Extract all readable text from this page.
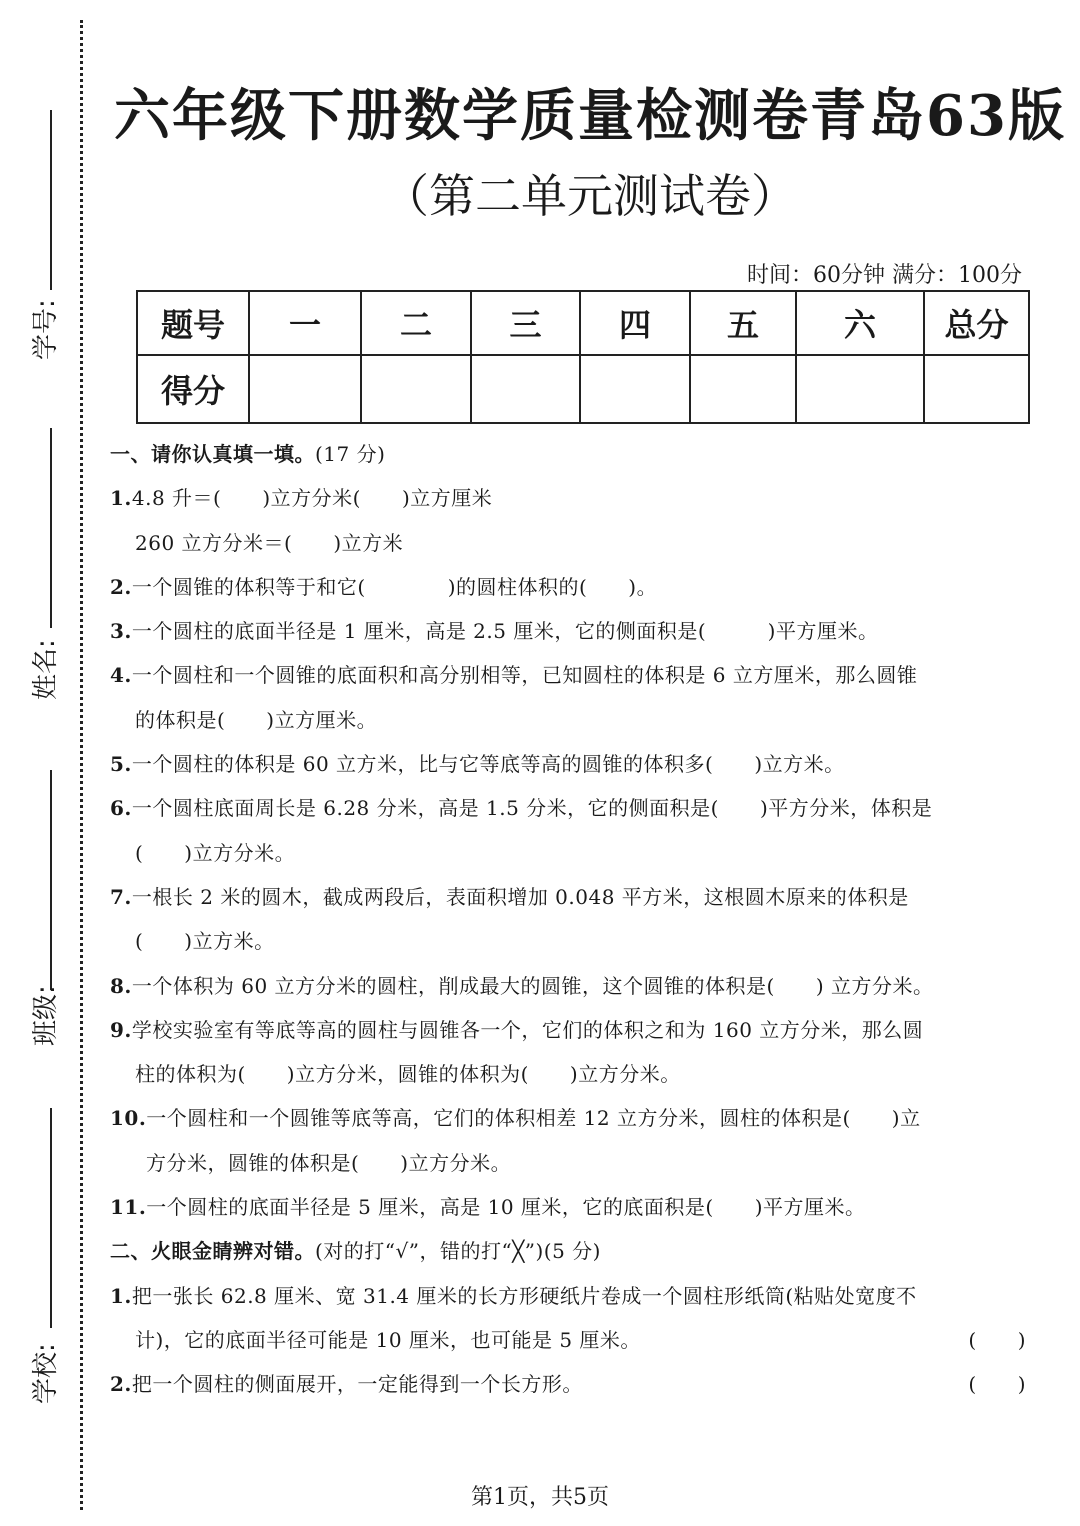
学号:
姓名:
班级:
学校:
六年级下册数学质量检测卷青岛63版
（第二单元测试卷）
时间：60分钟 满分：100分
题号	一	二	三	四	五	六	总分
得分							
一、请你认真填一填。(17 分)
1.4.8 升＝(　　)立方分米(　　)立方厘米
260 立方分米＝(　　)立方米
2.一个圆锥的体积等于和它(　　　　)的圆柱体积的(　　)。
3.一个圆柱的底面半径是 1 厘米，高是 2.5 厘米，它的侧面积是(　　　)平方厘米。
4.一个圆柱和一个圆锥的底面积和高分别相等，已知圆柱的体积是 6 立方厘米，那么圆锥
的体积是(　　)立方厘米。
5.一个圆柱的体积是 60 立方米，比与它等底等高的圆锥的体积多(　　)立方米。
6.一个圆柱底面周长是 6.28 分米，高是 1.5 分米，它的侧面积是(　　)平方分米，体积是
(　　)立方分米。
7.一根长 2 米的圆木，截成两段后，表面积增加 0.048 平方米，这根圆木原来的体积是
(　　)立方米。
8.一个体积为 60 立方分米的圆柱，削成最大的圆锥，这个圆锥的体积是(　　) 立方分米。
9.学校实验室有等底等高的圆柱与圆锥各一个，它们的体积之和为 160 立方分米，那么圆
柱的体积为(　　)立方分米，圆锥的体积为(　　)立方分米。
10.一个圆柱和一个圆锥等底等高，它们的体积相差 12 立方分米，圆柱的体积是(　　)立
方分米，圆锥的体积是(　　)立方分米。
11.一个圆柱的底面半径是 5 厘米，高是 10 厘米，它的底面积是(　　)平方厘米。
二、火眼金睛辨对错。(对的打“√”，错的打“╳”)(5 分)
1.把一张长 62.8 厘米、宽 31.4 厘米的长方形硬纸片卷成一个圆柱形纸筒(粘贴处宽度不
计)，它的底面半径可能是 10 厘米，也可能是 5 厘米。	(　　)
2.把一个圆柱的侧面展开，一定能得到一个长方形。	(　　)
第1页，共5页
